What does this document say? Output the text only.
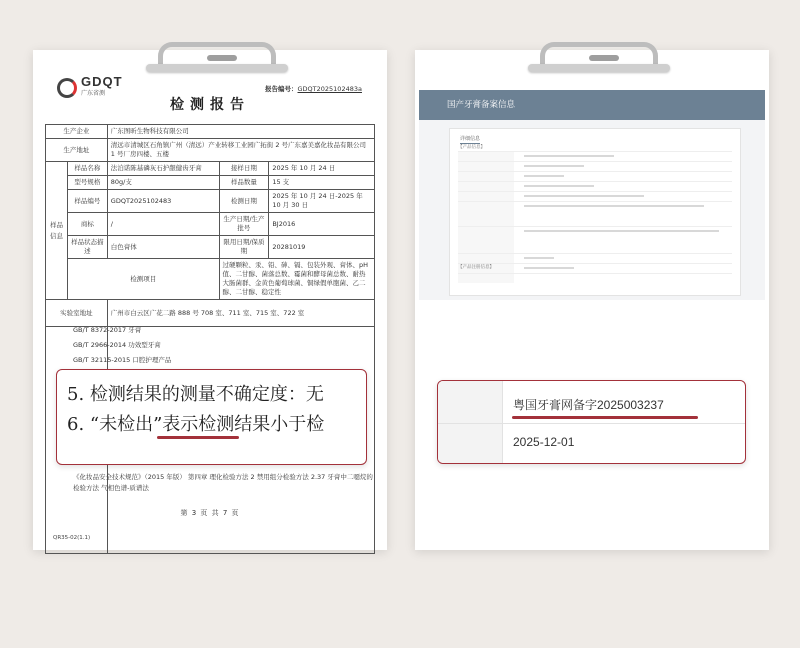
GDQT
广东省测
报告编号：GDQT2025102483a
检测报告
生产企业		广东图昕生物科技有限公司		
生产地址		清远市清城区石角镇广州（清远）产业转移工业园广拓街 2 号广东嘉美嘉化妆品有限公司 1 号厂房四楼、五楼		
样品信息	样品名称	法泊诺陈基磷灰石护龈健齿牙膏	接样日期	2025 年 10 月 24 日
	型号规格	80g/支	样品数量	15 支
	样品编号	GDQT2025102483	检测日期	2025 年 10 月 24 日-2025 年 10 月 30 日
	商标	/	生产日期/生产批号	BJ2016
	样品状态描述	白色膏体	限用日期/保质期	20281019
	检测项目		过硬颗粒、汞、铅、砷、镉、包装外观、膏体、pH 值、二甘醇、菌落总数、霉菌和酵母菌总数、耐热大肠菌群、金黄色葡萄球菌、铜绿假单胞菌、乙二醇、二甘醇、稳定性	
实验室地址		广州市白云区广花二路 888 号 708 室、711 室、715 室、722 室		

GB/T 8372-2017 牙膏
GB/T 2966-2014 功效型牙膏
GB/T 32115-2015 口腔护理产品
《化妆品安全技术规范》（2015 年版） 第四章 理化检验方法 2 禁用组分检验方法 2.37 牙膏中二噁烷的检验方法 气相色谱-质谱法
第 3 页 共 7 页
QR35-02(1.1)
5. 检测结果的测量不确定度：无
6. “未检出”表示检测结果小于检
国产牙膏备案信息
详细信息
【产品信息】
【产品注册信息】
粤国牙膏网备字2025003237
2025-12-01
